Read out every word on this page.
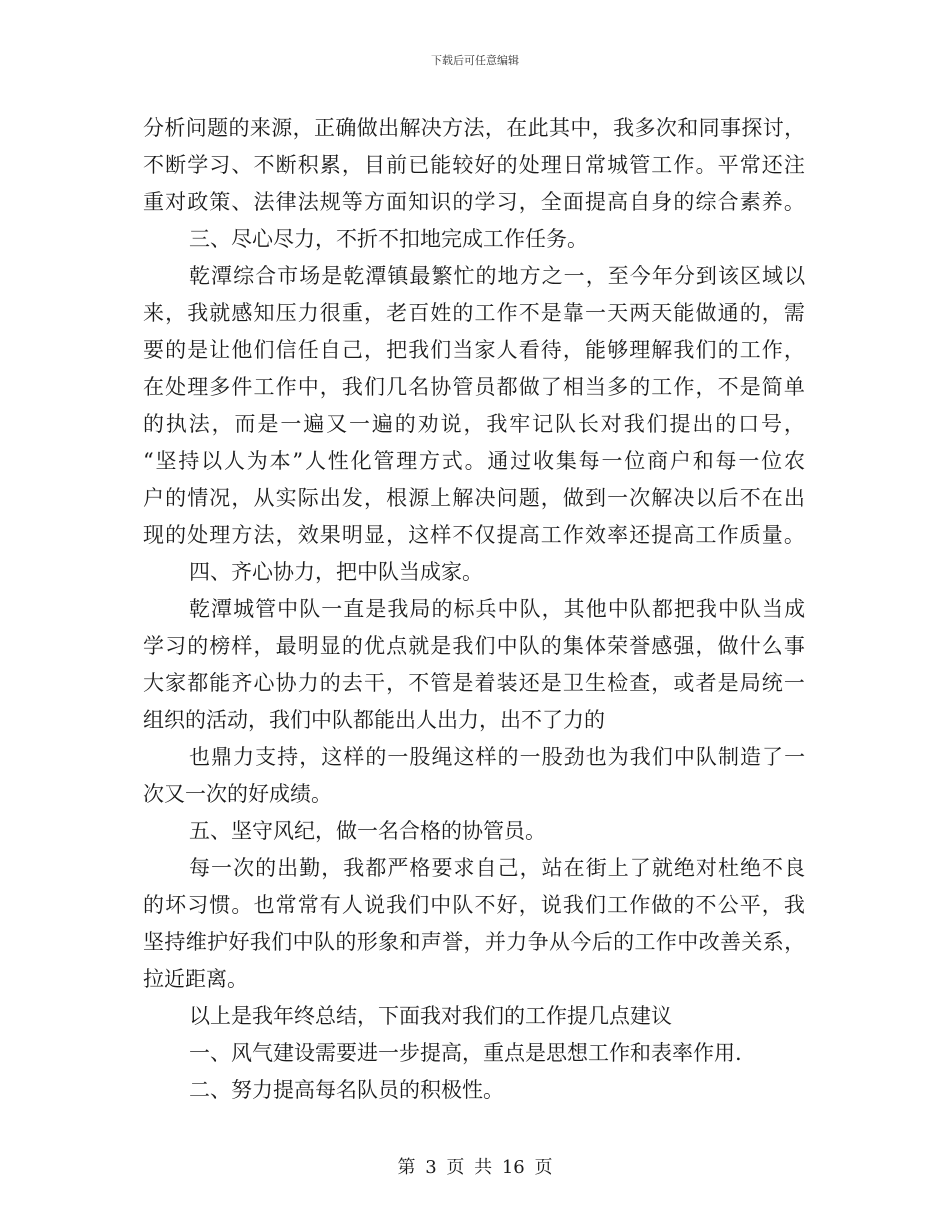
下载后可任意编辑
分析问题的来源，正确做出解决方法，在此其中，我多次和同事探讨，
不断学习、不断积累，目前已能较好的处理日常城管工作。平常还注
重对政策、法律法规等方面知识的学习，全面提高自身的综合素养。
三、尽心尽力，不折不扣地完成工作任务。
乾潭综合市场是乾潭镇最繁忙的地方之一，至今年分到该区域以
来，我就感知压力很重，老百姓的工作不是靠一天两天能做通的，需
要的是让他们信任自己，把我们当家人看待，能够理解我们的工作，
在处理多件工作中，我们几名协管员都做了相当多的工作，不是简单
的执法，而是一遍又一遍的劝说，我牢记队长对我们提出的口号，
“坚持以人为本”人性化管理方式。通过收集每一位商户和每一位农
户的情况，从实际出发，根源上解决问题，做到一次解决以后不在出
现的处理方法，效果明显，这样不仅提高工作效率还提高工作质量。
四、齐心协力，把中队当成家。
乾潭城管中队一直是我局的标兵中队，其他中队都把我中队当成
学习的榜样，最明显的优点就是我们中队的集体荣誉感强，做什么事
大家都能齐心协力的去干，不管是着装还是卫生检查，或者是局统一
组织的活动，我们中队都能出人出力，出不了力的
也鼎力支持，这样的一股绳这样的一股劲也为我们中队制造了一
次又一次的好成绩。
五、坚守风纪，做一名合格的协管员。
每一次的出勤，我都严格要求自己，站在街上了就绝对杜绝不良
的坏习惯。也常常有人说我们中队不好，说我们工作做的不公平，我
坚持维护好我们中队的形象和声誉，并力争从今后的工作中改善关系，
拉近距离。
以上是我年终总结，下面我对我们的工作提几点建议
一、风气建设需要进一步提高，重点是思想工作和表率作用.
二、努力提高每名队员的积极性。
第 3 页 共 16 页
